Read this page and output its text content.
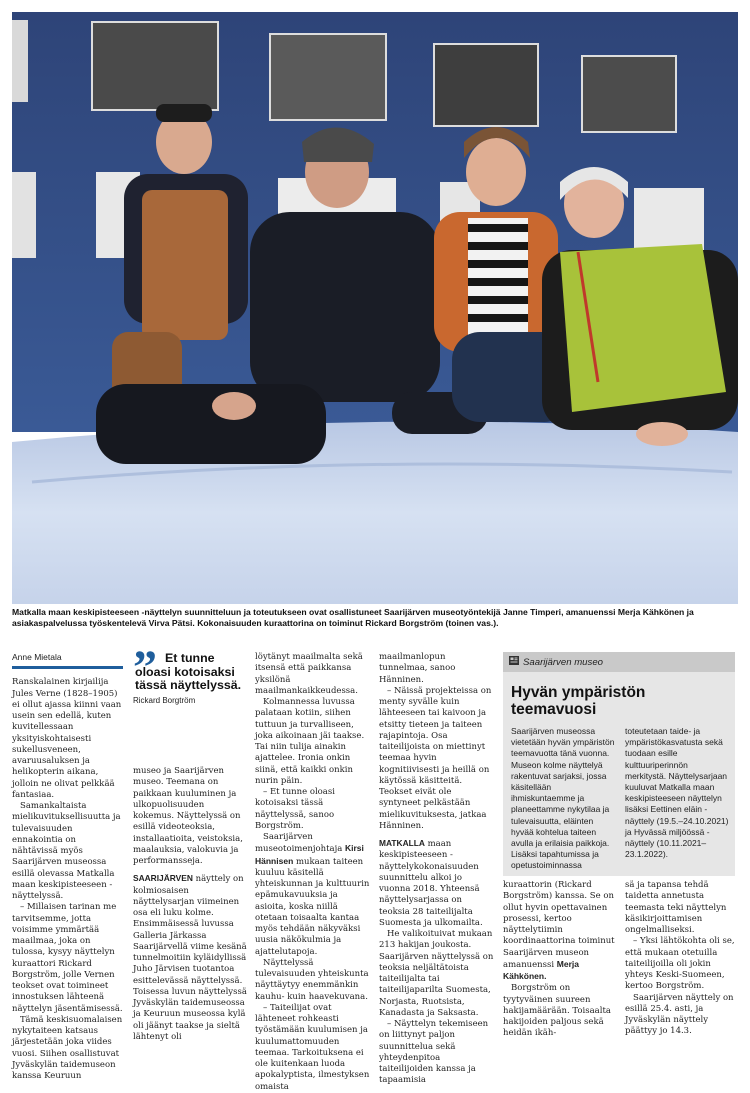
Matkalla maan keskipisteeseen -näyttelyn suunnitteluun ja toteutukseen ovat osallistuneet Saarijärven museotyöntekijä Janne Timperi, amanuenssi Merja Kähkönen ja asiakaspalvelussa työskentelevä Virva Pätsi. Kokonaisuuden kuraattorina on toiminut Rickard Borgström (toinen vas.).
Anne Mietala

Ranskalainen kirjailija Jules Verne (1828–1905) ei ollut ajassa kiinni vaan usein sen edellä, kuten kuvitellessaan yksityiskohtaisesti sukellusveneen, avaruusaluksen ja helikopterin aikana, jolloin ne olivat pelkkää fantasiaa.

Samankaltaista mielikuvituksellisuutta ja tulevaisuuden ennakointia on nähtävissä myös Saarijärven museossa esillä olevassa Matkalla maan keskipisteeseen -näyttelyssä.

– Millaisen tarinan me tarvitsemme, jotta voisimme ymmärtää maailmaa, joka on tulossa, kysyy näyttelyn kuraattori Rickard Borgström, jolle Vernen teokset ovat toimineet innostuksen lähteenä näyttelyn jäsentämisessä.

Tämä keskisuomalaisen nykytaiteen katsaus järjestetään joka viides vuosi. Siihen osallistuvat Jyväskylän taidemuseon kanssa Keuruun

” Et tunne
oloasi kotoisaksi tässä näyttelyssä.
Rickard Borgtröm

museo ja Saarijärven museo. Teemana on paikkaan kuuluminen ja ulkopuolisuuden kokemus. Näyttelyssä on esillä videoteoksia, installaatioita, veistoksia, maalauksia, valokuvia ja performansseja.

SAARIJÄRVEN näyttely on kolmiosaisen näyttelysarjan viimeinen osa eli luku kolme. Ensimmäisessä luvussa Galleria Järkassa Saarijärvellä viime kesänä tunnelmoitiin kyläidyllissä Juho Järvisen tuotantoa esittelevässä näyttelyssä. Toisessa luvun näyttelyssä Jyväskylän taidemuseossa ja Keuruun museossa kylä oli jäänyt taakse ja sieltä lähtenyt oli

löytänyt maailmalta sekä itsensä että paikkansa yksilönä maailmankaikkeudessa.

Kolmannessa luvussa palataan kotiin, siihen tuttuun ja turvalliseen, joka aikoinaan jäi taakse. Tai niin tulija ainakin ajattelee. Ironia onkin siinä, että kaikki onkin nurin päin.

– Et tunne oloasi kotoisaksi tässä näyttelyssä, sanoo Borgström.

Saarijärven museotoimenjohtaja Kirsi Hännisen mukaan taiteen kuuluu käsitellä yhteiskunnan ja kulttuurin epämukavuuksia ja asioita, koska niillä otetaan toisaalta kantaa myös tehdään näkyväksi uusia näkökulmia ja ajattelutapoja.

Näyttelyssä tulevaisuuden yhteiskunta näyttäytyy enemmänkin kauhu- kuin haavekuvana.

– Taiteilijat ovat lähteneet rohkeasti työstämään kuulumisen ja kuulumattomuuden teemaa. Tarkoituksena ei ole kuitenkaan luoda apokalyptista, ilmestyksen omaista

maailmanlopun tunnelmaa, sanoo Hänninen.

– Näissä projekteissa on menty syvälle kuin lähteeseen tai kaivoon ja etsitty tieteen ja taiteen rajapintoja. Osa taiteilijoista on miettinyt teemaa hyvin kognitiivisesti ja heillä on käytössä käsitteitä. Teokset eivät ole syntyneet pelkästään mielikuvituksesta, jatkaa Hänninen.

MATKALLA maan keskipisteeseen -näyttelykokonaisuuden suunnittelu alkoi jo vuonna 2018. Yhteensä näyttelysarjassa on teoksia 28 taiteilijalta Suomesta ja ulkomailta.

He valikoituivat mukaan 213 hakijan joukosta. Saarijärven näyttelyssä on teoksia neljältätoista taiteilijalta tai taiteilijaparilta Suomesta, Norjasta, Ruotsista, Kanadasta ja Saksasta.

– Näyttelyn tekemiseen on liittynyt paljon suunnittelua sekä yhteydenpitoa taiteilijoiden kanssa ja tapaamisia

Saarijärven museo
Hyvän ympäristön teemavuosi
Saarijärven museossa vietetään hyvän ympäristön teemavuotta tänä vuonna. Museon kolme näyttelyä rakentuvat sarjaksi, jossa käsitellään ihmiskuntaemme ja planeettamme nykytilaa ja tulevaisuutta, eläinten hyvää kohtelua taiteen avulla ja erilaisia paikkoja. Lisäksi tapahtumissa ja opetustoiminnassa
toteutetaan taide- ja ympäristökasvatusta sekä tuodaan esille kulttuuriperinnön merkitystä. Näyttelysarjaan kuuluvat Matkalla maan keskipisteeseen näyttelyn lisäksi Eettinen eläin -näyttely (19.5.–24.10.2021) ja Hyvässä miljöössä -näyttely (10.11.2021–23.1.2022).

kuraattorin (Rickard Borgström) kanssa. Se on ollut hyvin opettavainen prosessi, kertoo näyttelytiimin koordinaattorina toiminut Saarijärven museon amanuenssi Merja Kähkönen.

Borgström on tyytyväinen suureen hakijamäärään. Toisaalta hakijoiden paljous sekä heidän ikäh-

sä ja tapansa tehdä taidetta annetusta teemasta teki näyttelyn käsikirjoittamisen ongelmalliseksi.

– Yksi lähtökohta oli se, että mukaan otetuilla taiteilijoilla oli jokin yhteys Keski-Suomeen, kertoo Borgström.

Saarijärven näyttely on esillä 25.4. asti, ja Jyväskylän näyttely päättyy jo 14.3.
